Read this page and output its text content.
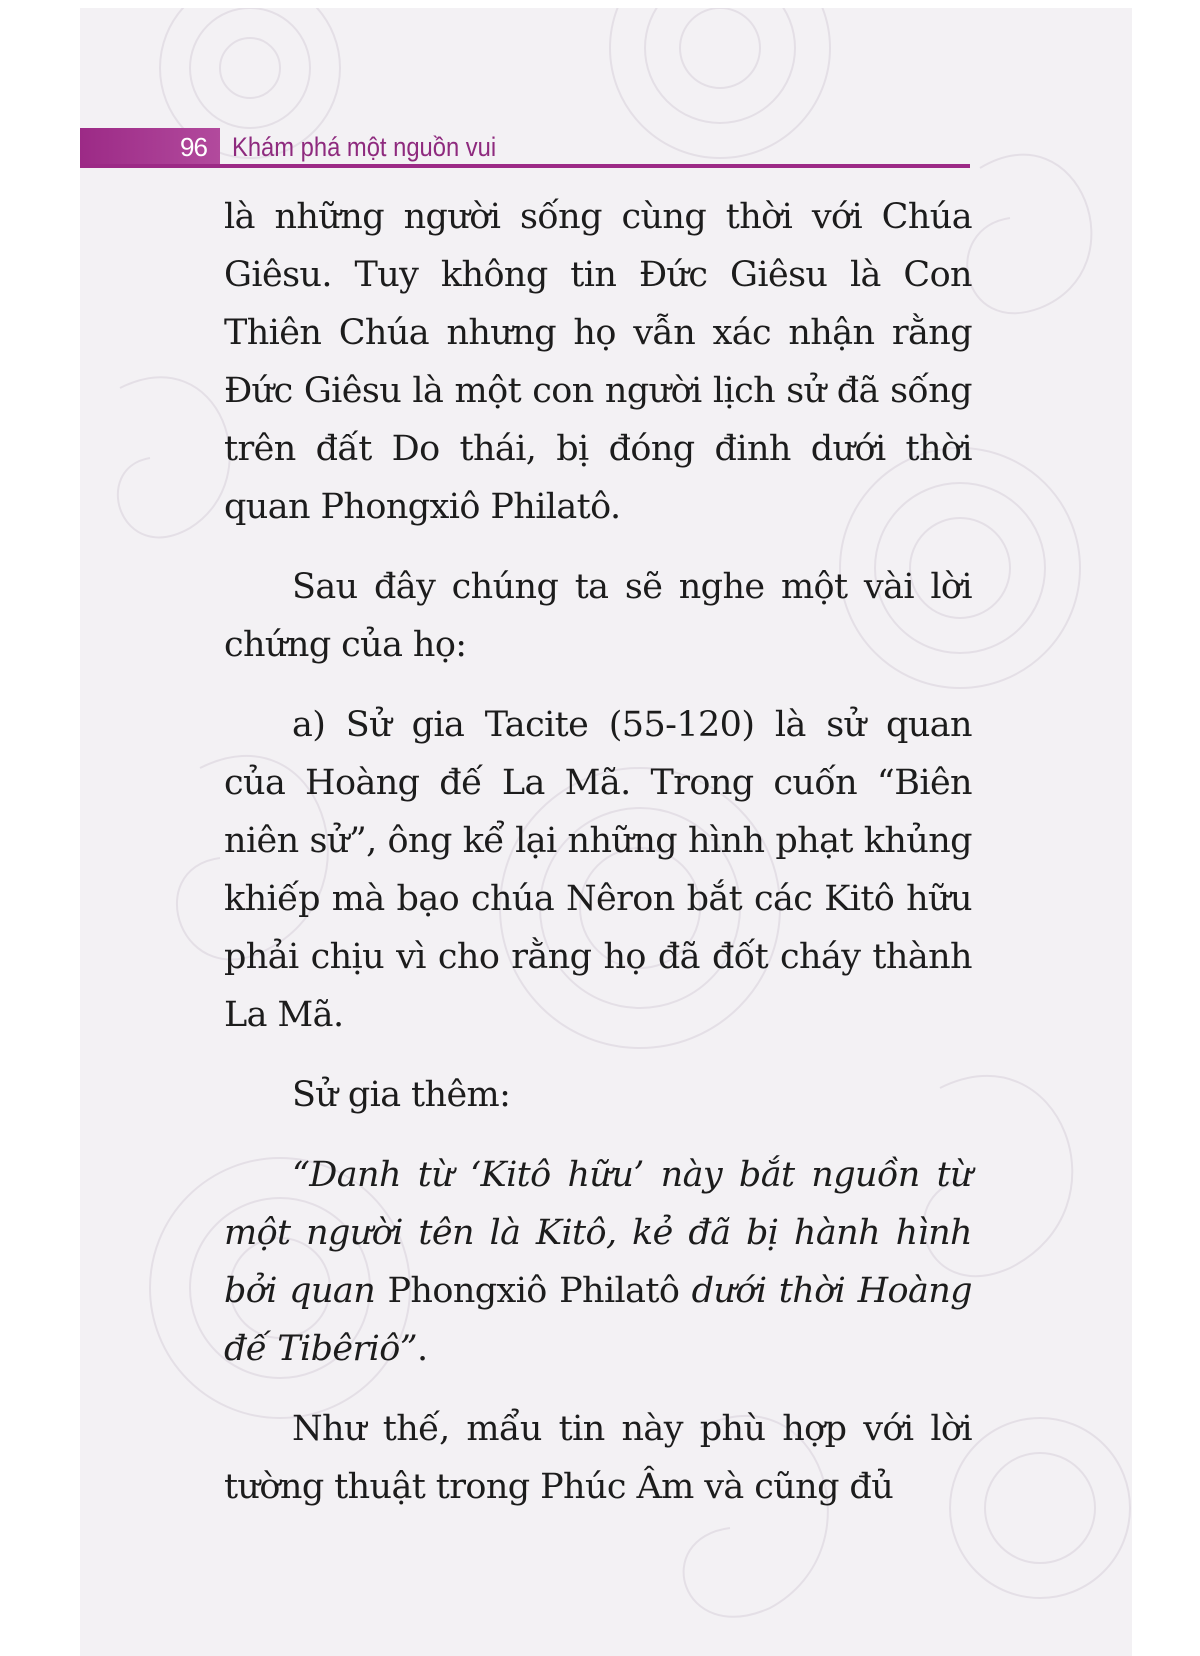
96 Khám phá một nguồn vui

là những người sống cùng thời với Chúa Giêsu. Tuy không tin Đức Giêsu là Con Thiên Chúa nhưng họ vẫn xác nhận rằng Đức Giêsu là một con người lịch sử đã sống trên đất Do thái, bị đóng đinh dưới thời quan Phongxiô Philatô.

Sau đây chúng ta sẽ nghe một vài lời chứng của họ:

a) Sử gia Tacite (55-120) là sử quan của Hoàng đế La Mã. Trong cuốn “Biên niên sử”, ông kể lại những hình phạt khủng khiếp mà bạo chúa Nêron bắt các Kitô hữu phải chịu vì cho rằng họ đã đốt cháy thành La Mã.

Sử gia thêm:

“Danh từ ‘Kitô hữu’ này bắt nguồn từ một người tên là Kitô, kẻ đã bị hành hình bởi quan Phongxiô Philatô dưới thời Hoàng đế Tibêriô”.

Như thế, mẩu tin này phù hợp với lời tường thuật trong Phúc Âm và cũng đủ
